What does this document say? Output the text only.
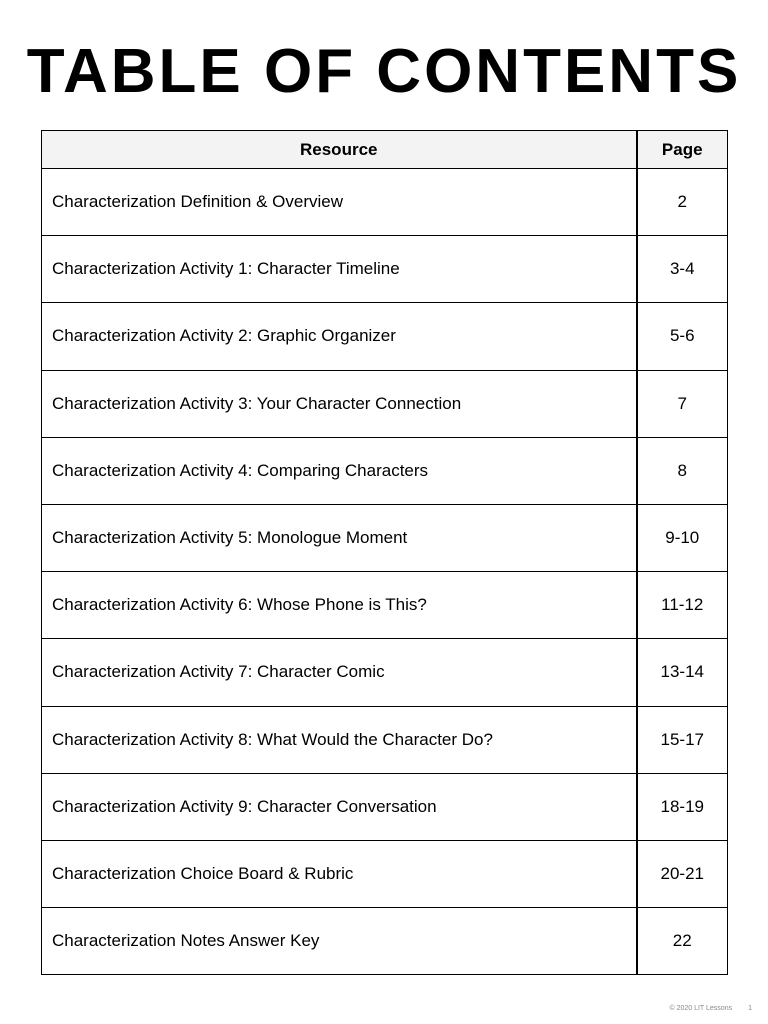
TABLE OF CONTENTS
Resource	Page
Characterization Definition & Overview	2
Characterization Activity 1: Character Timeline	3-4
Characterization Activity 2: Graphic Organizer	5-6
Characterization Activity 3: Your Character Connection	7
Characterization Activity 4: Comparing Characters	8
Characterization Activity 5: Monologue Moment	9-10
Characterization Activity 6: Whose Phone is This?	11-12
Characterization Activity 7: Character Comic	13-14
Characterization Activity 8: What Would the Character Do?	15-17
Characterization Activity 9: Character Conversation	18-19
Characterization Choice Board & Rubric	20-21
Characterization Notes Answer Key	22
© 2020 LIT Lessons 1
